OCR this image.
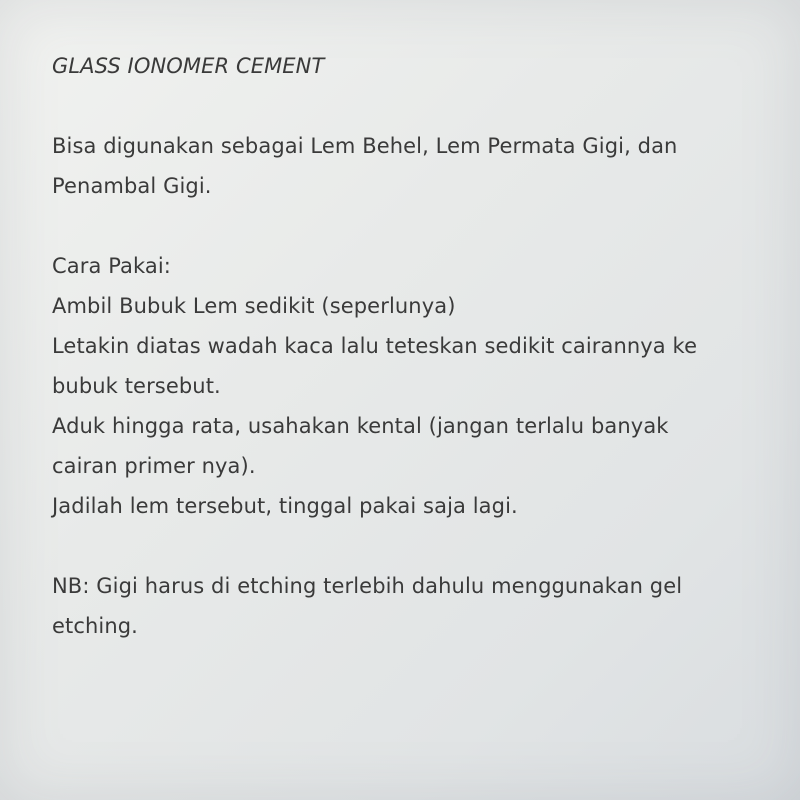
GLASS IONOMER CEMENT

Bisa digunakan sebagai Lem Behel, Lem Permata Gigi, dan

Penambal Gigi.

Cara Pakai:

Ambil Bubuk Lem sedikit (seperlunya)

Letakin diatas wadah kaca lalu teteskan sedikit cairannya ke

bubuk tersebut.

Aduk hingga rata, usahakan kental (jangan terlalu banyak

cairan primer nya).

Jadilah lem tersebut, tinggal pakai saja lagi.

NB: Gigi harus di etching terlebih dahulu menggunakan gel

etching.
